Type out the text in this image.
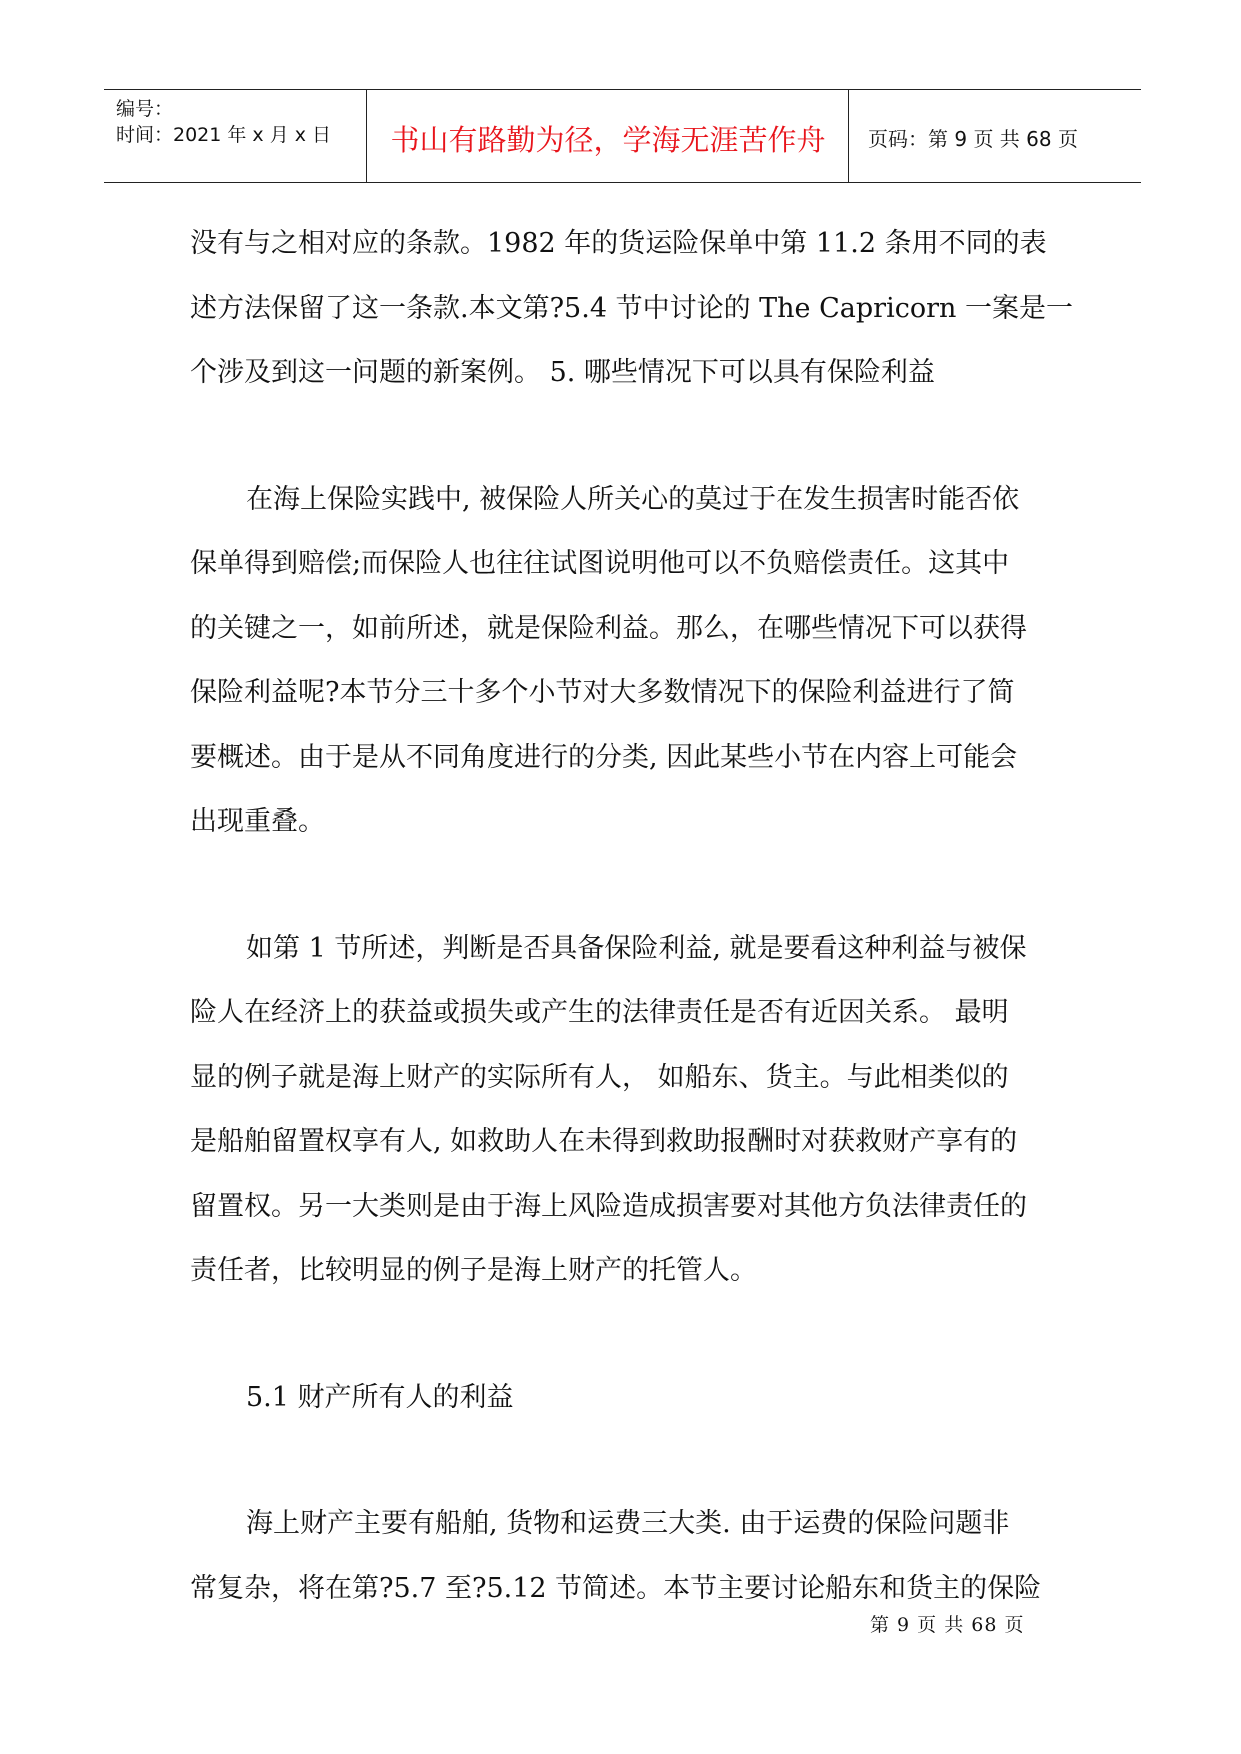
编号：
时间：2021 年 x 月 x 日	书山有路勤为径，学海无涯苦作舟	页码：第 9 页 共 68 页

没有与之相对应的条款。1982 年的货运险保单中第 11.2 条用不同的表

述方法保留了这一条款.本文第?5.4 节中讨论的 The Capricorn 一案是一

个涉及到这一问题的新案例。 5. 哪些情况下可以具有保险利益

在海上保险实践中, 被保险人所关心的莫过于在发生损害时能否依

保单得到赔偿;而保险人也往往试图说明他可以不负赔偿责任。这其中

的关键之一，如前所述，就是保险利益。那么，在哪些情况下可以获得

保险利益呢?本节分三十多个小节对大多数情况下的保险利益进行了简

要概述。由于是从不同角度进行的分类, 因此某些小节在内容上可能会

出现重叠。

如第 1 节所述，判断是否具备保险利益, 就是要看这种利益与被保

险人在经济上的获益或损失或产生的法律责任是否有近因关系。 最明

显的例子就是海上财产的实际所有人， 如船东、货主。与此相类似的

是船舶留置权享有人, 如救助人在未得到救助报酬时对获救财产享有的

留置权。另一大类则是由于海上风险造成损害要对其他方负法律责任的

责任者，比较明显的例子是海上财产的托管人。

5.1 财产所有人的利益

海上财产主要有船舶, 货物和运费三大类. 由于运费的保险问题非

常复杂，将在第?5.7 至?5.12 节简述。本节主要讨论船东和货主的保险

第 9 页 共 68 页
